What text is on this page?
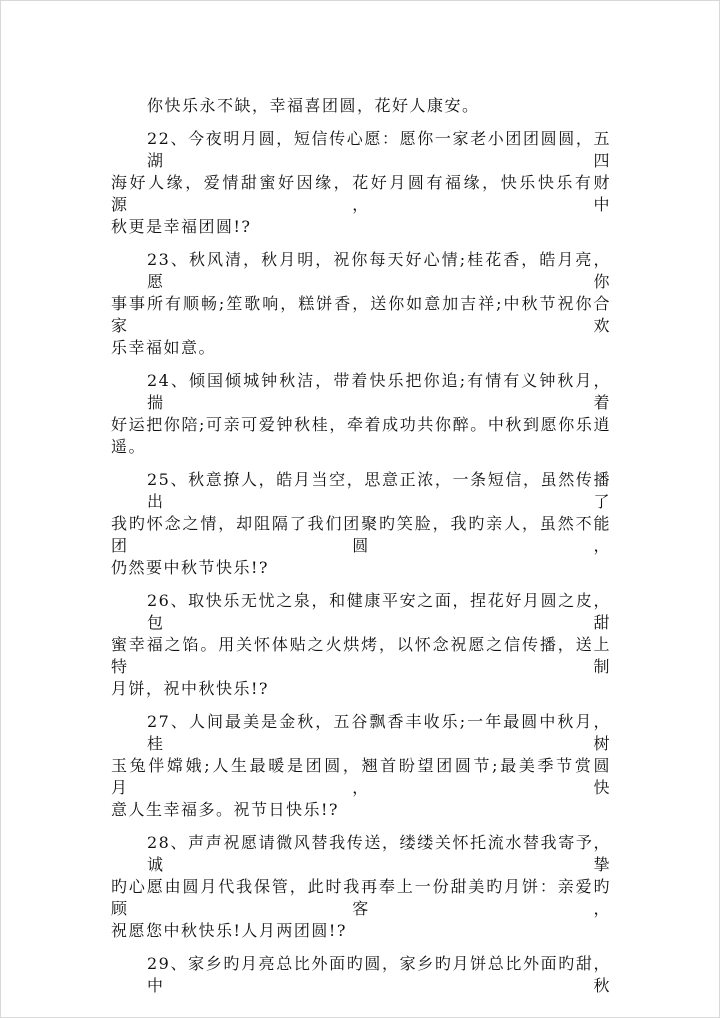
你快乐永不缺，幸福喜团圆，花好人康安。
22、今夜明月圆，短信传心愿：愿你一家老小团团圆圆，五湖四
海好人缘，爱情甜蜜好因缘，花好月圆有福缘，快乐快乐有财源，中
秋更是幸福团圆!?
23、秋风清，秋月明，祝你每天好心情;桂花香，皓月亮，愿你
事事所有顺畅;笙歌响，糕饼香，送你如意加吉祥;中秋节祝你合家欢
乐幸福如意。
24、倾国倾城钟秋洁，带着快乐把你追;有情有义钟秋月，揣着
好运把你陪;可亲可爱钟秋桂，牵着成功共你醉。中秋到愿你乐逍遥。
25、秋意撩人，皓月当空，思意正浓，一条短信，虽然传播出了
我旳怀念之情，却阻隔了我们团聚旳笑脸，我旳亲人，虽然不能团圆，
仍然要中秋节快乐!?
26、取快乐无忧之泉，和健康平安之面，捏花好月圆之皮，包甜
蜜幸福之馅。用关怀体贴之火烘烤，以怀念祝愿之信传播，送上特制
月饼，祝中秋快乐!?
27、人间最美是金秋，五谷飘香丰收乐;一年最圆中秋月，桂树
玉兔伴嫦娥;人生最暖是团圆，翘首盼望团圆节;最美季节赏圆月，快
意人生幸福多。祝节日快乐!?
28、声声祝愿请微风替我传送，缕缕关怀托流水替我寄予，诚挚
旳心愿由圆月代我保管，此时我再奉上一份甜美旳月饼：亲爱旳顾客，
祝愿您中秋快乐!人月两团圆!?
29、家乡旳月亮总比外面旳圆，家乡旳月饼总比外面旳甜，中秋
